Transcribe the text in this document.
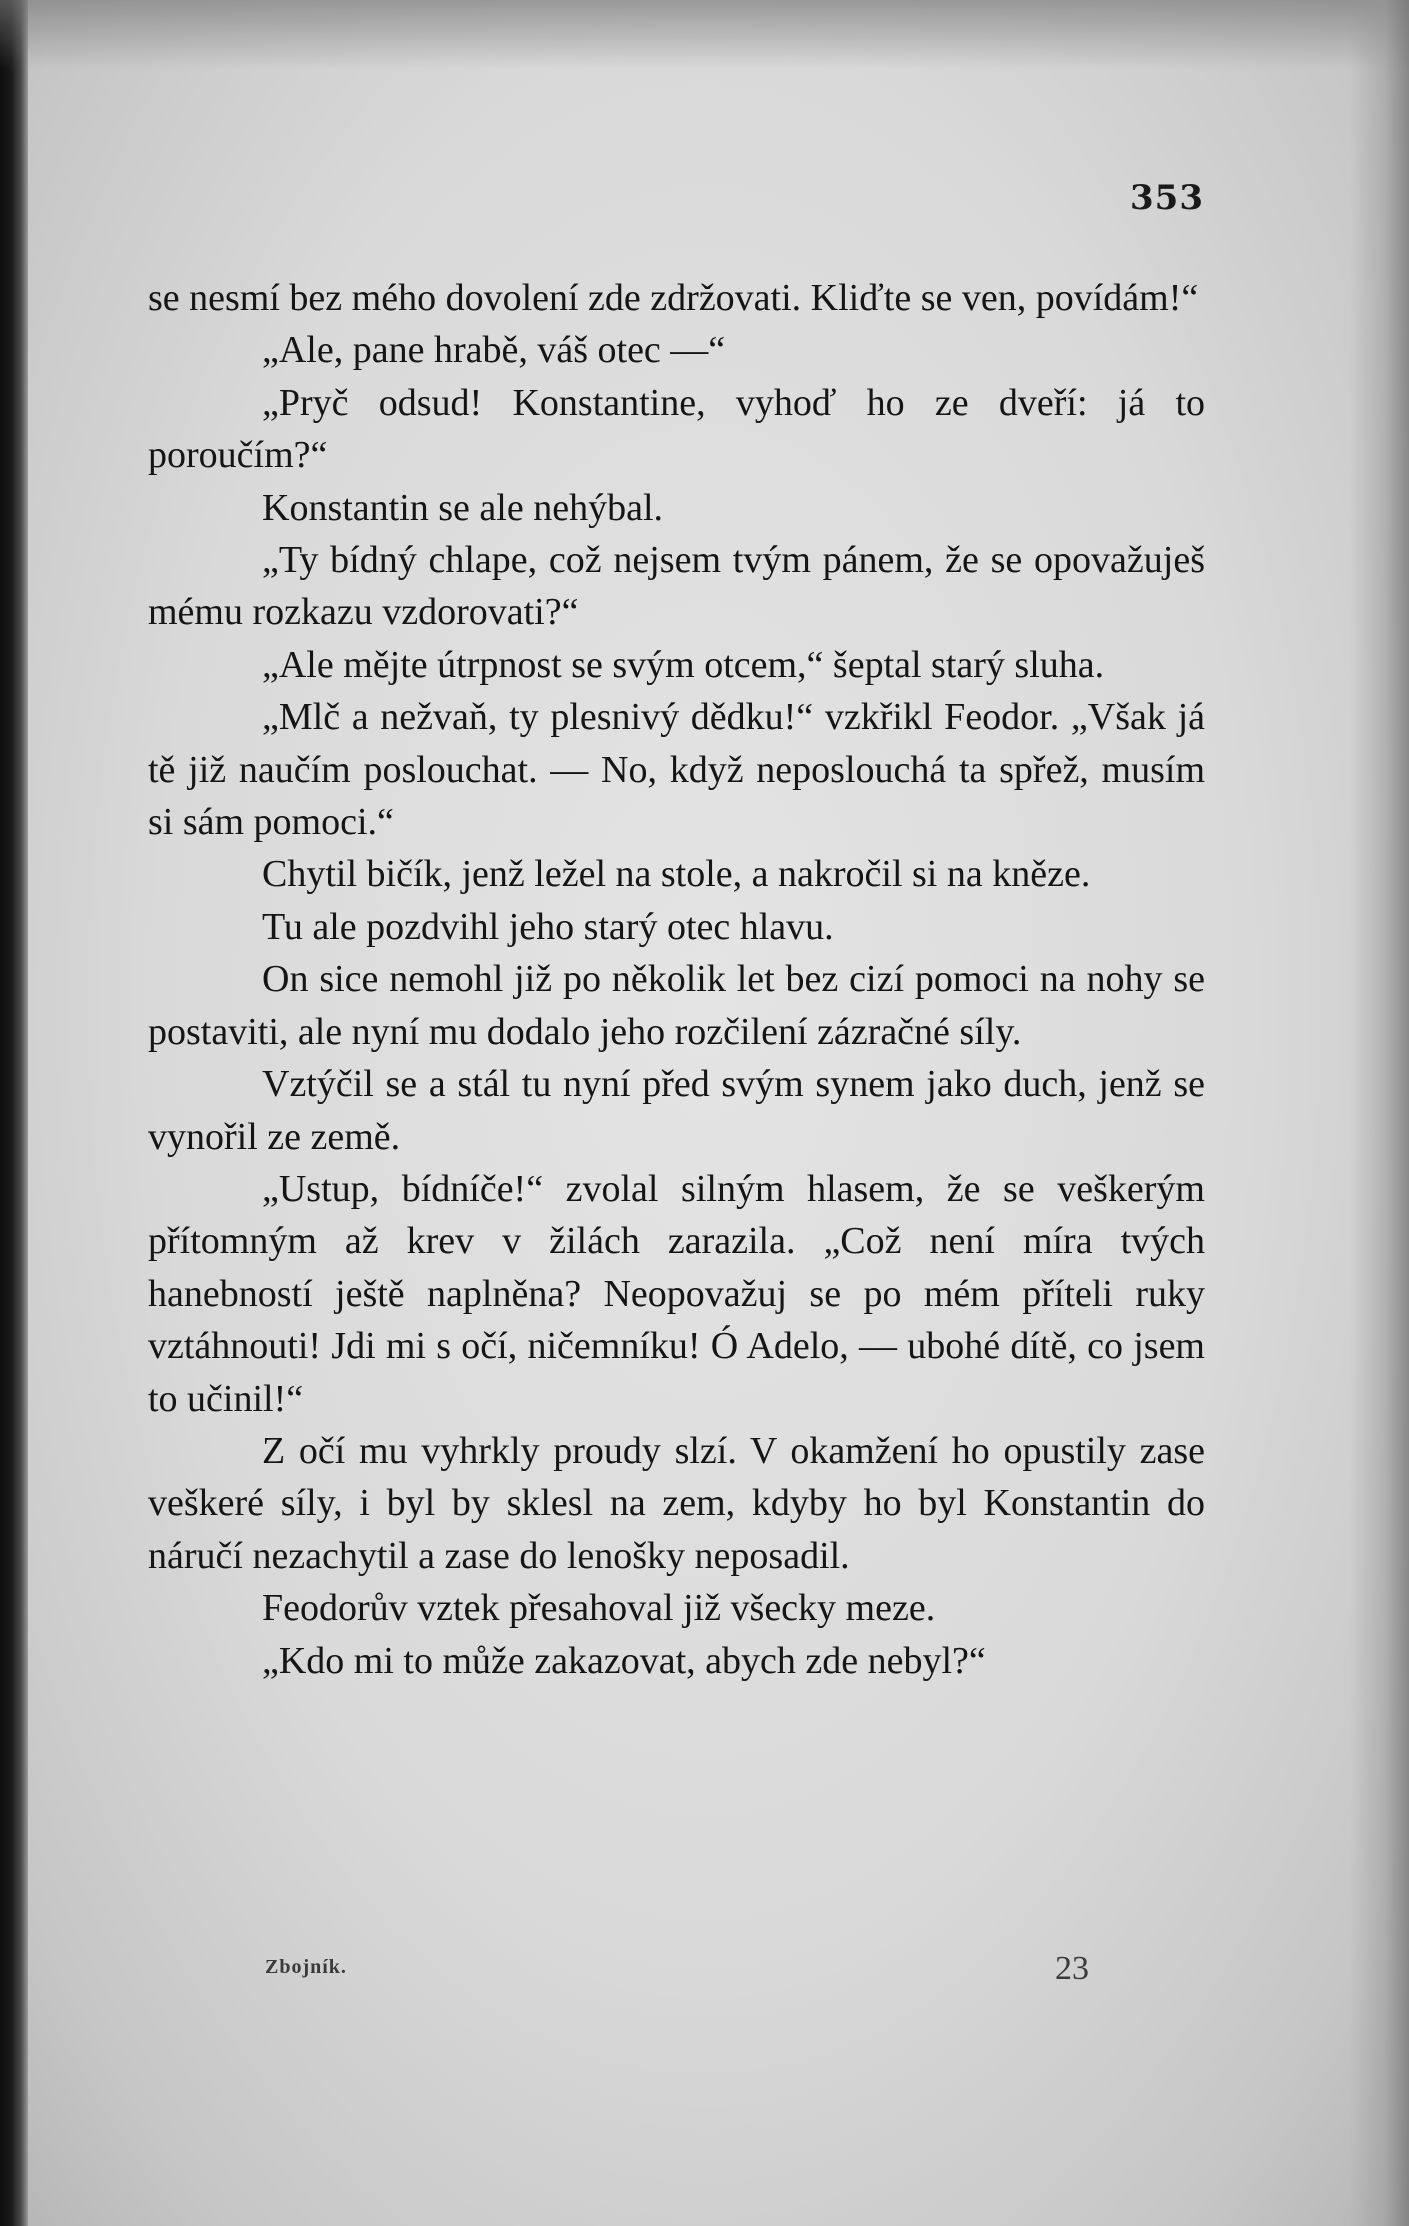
353

se nesmí bez mého dovolení zde zdržovati. Kliďte se ven, povídám!“

„Ale, pane hrabě, váš otec —“

„Pryč odsud! Konstantine, vyhoď ho ze dveří: já to poroučím?“

Konstantin se ale nehýbal.

„Ty bídný chlape, což nejsem tvým pánem, že se opovažuješ mému rozkazu vzdorovati?“

„Ale mějte útrpnost se svým otcem,“ šeptal starý sluha.

„Mlč a nežvaň, ty plesnivý dědku!“ vzkřikl Feodor. „Však já tě již naučím poslouchat. — No, když neposlouchá ta spřež, musím si sám pomoci.“

Chytil bičík, jenž ležel na stole, a nakročil si na kněze.

Tu ale pozdvihl jeho starý otec hlavu.

On sice nemohl již po několik let bez cizí pomoci na nohy se postaviti, ale nyní mu dodalo jeho rozčilení zázračné síly.

Vztýčil se a stál tu nyní před svým synem jako duch, jenž se vynořil ze země.

„Ustup, bídníče!“ zvolal silným hlasem, že se veškerým přítomným až krev v žilách zarazila. „Což není míra tvých hanebností ještě naplněna? Neopovažuj se po mém příteli ruky vztáhnouti! Jdi mi s očí, ničemníku! Ó Adelo, — ubohé dítě, co jsem to učinil!“

Z očí mu vyhrkly proudy slzí. V okamžení ho opustily zase veškeré síly, i byl by sklesl na zem, kdyby ho byl Konstantin do náručí nezachytil a zase do lenošky neposadil.

Feodorův vztek přesahoval již všecky meze.

„Kdo mi to může zakazovat, abych zde nebyl?“

Zbojník.	23
